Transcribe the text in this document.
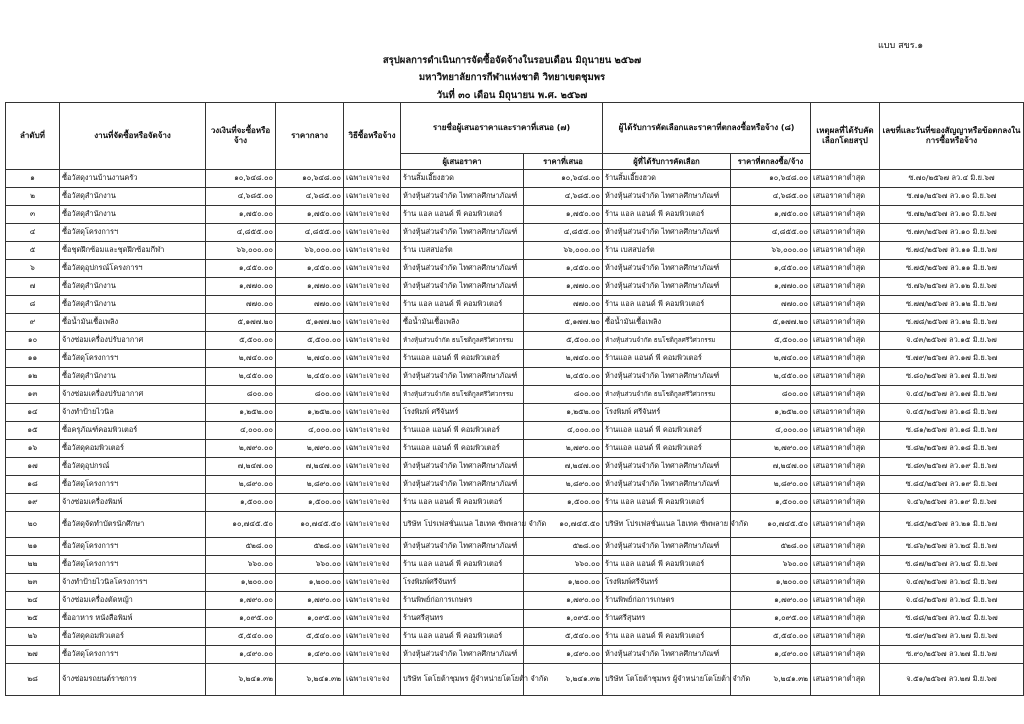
แบบ สขร.๑
สรุปผลการดำเนินการจัดซื้อจัดจ้างในรอบเดือน มิถุนายน ๒๕๖๗
มหาวิทยาลัยการกีฬาแห่งชาติ วิทยาเขตชุมพร
วันที่ ๓๐ เดือน มิถุนายน พ.ศ. ๒๕๖๗
ลำดับที่	งานที่จัดซื้อหรือจัดจ้าง	วงเงินที่จะซื้อหรือจ้าง	ราคากลาง	วิธีซื้อหรือจ้าง	รายชื่อผู้เสนอราคาและราคาที่เสนอ (๗)		ผู้ได้รับการคัดเลือกและราคาที่ตกลงซื้อหรือจ้าง (๘)		เหตุผลที่ได้รับคัดเลือกโดยสรุป	เลขที่และวันที่ของสัญญาหรือข้อตกลงในการซื้อหรือจ้าง
					ผู้เสนอราคา	ราคาที่เสนอ	ผู้ที่ได้รับการคัดเลือก	ราคาที่ตกลงซื้อ/จ้าง		
๑	ซื้อวัสดุงานบ้านงานครัว	๑๐,๖๔๘.๐๐	๑๐,๖๔๘.๐๐	เฉพาะเจาะจง	ร้านสิ้มเอี๊ยงฮวด	๑๐,๖๔๘.๐๐	ร้านสิ้มเอี๊ยงฮวด	๑๐,๖๔๘.๐๐	เสนอราคาต่ำสุด	ซ.๗๐/๒๕๖๗ ลว.๔ มิ.ย.๖๗
๒	ซื้อวัสดุสำนักงาน	๔,๖๘๕.๐๐	๔,๖๘๕.๐๐	เฉพาะเจาะจง	ห้างหุ้นส่วนจำกัด ไทศาลศึกษาภัณฑ์	๔,๖๘๕.๐๐	ห้างหุ้นส่วนจำกัด ไทศาลศึกษาภัณฑ์	๔,๖๘๕.๐๐	เสนอราคาต่ำสุด	ซ.๗๑/๒๕๖๗ ลว.๑๐ มิ.ย.๖๗
๓	ซื้อวัสดุสำนักงาน	๑,๗๕๐.๐๐	๑,๗๕๐.๐๐	เฉพาะเจาะจง	ร้าน แอล แอนด์ พี คอมพิวเตอร์	๑,๗๕๐.๐๐	ร้าน แอล แอนด์ พี คอมพิวเตอร์	๑,๗๕๐.๐๐	เสนอราคาต่ำสุด	ซ.๗๒/๒๕๖๗ ลว.๑๐ มิ.ย.๖๗
๔	ซื้อวัสดุโครงการฯ	๔,๘๕๕.๐๐	๔,๘๕๕.๐๐	เฉพาะเจาะจง	ห้างหุ้นส่วนจำกัด ไทศาลศึกษาภัณฑ์	๔,๘๕๕.๐๐	ห้างหุ้นส่วนจำกัด ไทศาลศึกษาภัณฑ์	๔,๘๕๕.๐๐	เสนอราคาต่ำสุด	ซ.๗๓/๒๕๖๗ ลว.๑๐ มิ.ย.๖๗
๕	ซื้อชุดฝึกซ้อมและชุดฝึกซ้อมกีฬา	๖๖,๐๐๐.๐๐	๖๖,๐๐๐.๐๐	เฉพาะเจาะจง	ร้าน เบสสปอร์ต	๖๖,๐๐๐.๐๐	ร้าน เบสสปอร์ต	๖๖,๐๐๐.๐๐	เสนอราคาต่ำสุด	ซ.๗๔/๒๕๖๗ ลว.๑๑ มิ.ย.๖๗
๖	ซื้อวัสดุอุปกรณ์โครงการฯ	๑,๔๕๐.๐๐	๑,๔๕๐.๐๐	เฉพาะเจาะจง	ห้างหุ้นส่วนจำกัด ไทศาลศึกษาภัณฑ์	๑,๔๕๐.๐๐	ห้างหุ้นส่วนจำกัด ไทศาลศึกษาภัณฑ์	๑,๔๕๐.๐๐	เสนอราคาต่ำสุด	ซ.๗๕/๒๕๖๗ ลว.๑๑ มิ.ย.๖๗
๗	ซื้อวัสดุสำนักงาน	๑,๗๗๐.๐๐	๑,๗๗๐.๐๐	เฉพาะเจาะจง	ห้างหุ้นส่วนจำกัด ไทศาลศึกษาภัณฑ์	๑,๗๗๐.๐๐	ห้างหุ้นส่วนจำกัด ไทศาลศึกษาภัณฑ์	๑,๗๗๐.๐๐	เสนอราคาต่ำสุด	ซ.๗๖/๒๕๖๗ ลว.๑๒ มิ.ย.๖๗
๘	ซื้อวัสดุสำนักงาน	๗๗๐.๐๐	๗๗๐.๐๐	เฉพาะเจาะจง	ร้าน แอล แอนด์ พี คอมพิวเตอร์	๗๗๐.๐๐	ร้าน แอล แอนด์ พี คอมพิวเตอร์	๗๗๐.๐๐	เสนอราคาต่ำสุด	ซ.๗๗/๒๕๖๗ ลว.๑๒ มิ.ย.๖๗
๙	ซื้อน้ำมันเชื้อเพลิง	๕,๑๗๗.๒๐	๕,๑๗๗.๒๐	เฉพาะเจาะจง	ซื้อน้ำมันเชื้อเพลิง	๕,๑๗๗.๒๐	ซื้อน้ำมันเชื้อเพลิง	๕,๑๗๗.๒๐	เสนอราคาต่ำสุด	ซ.๗๘/๒๕๖๗ ลว.๑๒ มิ.ย.๖๗
๑๐	จ้างซ่อมเครื่องปรับอากาศ	๕,๕๐๐.๐๐	๕,๕๐๐.๐๐	เฉพาะเจาะจง	ห้างหุ้นส่วนจำกัด ธนโชติกูลศรีวิศวกรรม	๕,๕๐๐.๐๐	ห้างหุ้นส่วนจำกัด ธนโชติกูลศรีวิศวกรรม	๕,๕๐๐.๐๐	เสนอราคาต่ำสุด	จ.๔๓/๒๕๖๗ ลว.๑๕ มิ.ย.๖๗
๑๑	ซื้อวัสดุโครงการฯ	๒,๗๔๐.๐๐	๒,๗๔๐.๐๐	เฉพาะเจาะจง	ร้านแอล แอนด์ พี คอมพิวเตอร์	๒,๗๔๐.๐๐	ร้านแอล แอนด์ พี คอมพิวเตอร์	๒,๗๔๐.๐๐	เสนอราคาต่ำสุด	ซ.๗๙/๒๕๖๗ ลว.๑๗ มิ.ย.๖๗
๑๒	ซื้อวัสดุสำนักงาน	๒,๔๕๐.๐๐	๒,๔๕๐.๐๐	เฉพาะเจาะจง	ห้างหุ้นส่วนจำกัด ไทศาลศึกษาภัณฑ์	๒,๔๕๐.๐๐	ห้างหุ้นส่วนจำกัด ไทศาลศึกษาภัณฑ์	๒,๔๕๐.๐๐	เสนอราคาต่ำสุด	ซ.๘๐/๒๕๖๗ ลว.๑๗ มิ.ย.๖๗
๑๓	จ้างซ่อมเครื่องปรับอากาศ	๘๐๐.๐๐	๘๐๐.๐๐	เฉพาะเจาะจง	ห้างหุ้นส่วนจำกัด ธนโชติกูลศรีวิศวกรรม	๘๐๐.๐๐	ห้างหุ้นส่วนจำกัด ธนโชติกูลศรีวิศวกรรม	๘๐๐.๐๐	เสนอราคาต่ำสุด	จ.๔๔/๒๕๖๗ ลว.๑๗ มิ.ย.๖๗
๑๔	จ้างทำป้ายไวนิล	๑,๒๕๒.๐๐	๑,๒๕๒.๐๐	เฉพาะเจาะจง	โรงพิมพ์ ศรีจันทร์	๑,๒๕๒.๐๐	โรงพิมพ์ ศรีจันทร์	๑,๒๕๒.๐๐	เสนอราคาต่ำสุด	จ.๔๕/๒๕๖๗ ลว.๑๘ มิ.ย.๖๗
๑๕	ซื้อครุภัณฑ์คอมพิวเตอร์	๔,๐๐๐.๐๐	๔,๐๐๐.๐๐	เฉพาะเจาะจง	ร้านแอล แอนด์ พี คอมพิวเตอร์	๔,๐๐๐.๐๐	ร้านแอล แอนด์ พี คอมพิวเตอร์	๔,๐๐๐.๐๐	เสนอราคาต่ำสุด	ซ.๘๑/๒๕๖๗ ลว.๑๘ มิ.ย.๖๗
๑๖	ซื้อวัสดุคอมพิวเตอร์	๒,๗๙๐.๐๐	๒,๗๙๐.๐๐	เฉพาะเจาะจง	ร้านแอล แอนด์ พี คอมพิวเตอร์	๒,๗๙๐.๐๐	ร้านแอล แอนด์ พี คอมพิวเตอร์	๒,๗๙๐.๐๐	เสนอราคาต่ำสุด	ซ.๘๒/๒๕๖๗ ลว.๑๘ มิ.ย.๖๗
๑๗	ซื้อวัสดุอุปกรณ์	๗,๒๔๗.๐๐	๗,๒๔๗.๐๐	เฉพาะเจาะจง	ห้างหุ้นส่วนจำกัด ไทศาลศึกษาภัณฑ์	๗,๒๔๗.๐๐	ห้างหุ้นส่วนจำกัด ไทศาลศึกษาภัณฑ์	๗,๒๔๗.๐๐	เสนอราคาต่ำสุด	ซ.๘๓/๒๕๖๗ ลว.๑๙ มิ.ย.๖๗
๑๘	ซื้อวัสดุโครงการฯ	๒,๘๙๐.๐๐	๒,๘๙๐.๐๐	เฉพาะเจาะจง	ห้างหุ้นส่วนจำกัด ไทศาลศึกษาภัณฑ์	๒,๘๙๐.๐๐	ห้างหุ้นส่วนจำกัด ไทศาลศึกษาภัณฑ์	๒,๘๙๐.๐๐	เสนอราคาต่ำสุด	ซ.๘๔/๒๕๖๗ ลว.๑๙ มิ.ย.๖๗
๑๙	จ้างซ่อมเครื่องพิมพ์	๑,๕๐๐.๐๐	๑,๕๐๐.๐๐	เฉพาะเจาะจง	ร้าน แอล แอนด์ พี คอมพิวเตอร์	๑,๕๐๐.๐๐	ร้าน แอล แอนด์ พี คอมพิวเตอร์	๑,๕๐๐.๐๐	เสนอราคาต่ำสุด	จ.๔๖/๒๕๖๗ ลว.๑๙ มิ.ย.๖๗
๒๐	ซื้อวัสดุจัดทำบัตรนักศึกษา	๑๐,๗๔๕.๕๐	๑๐,๗๔๕.๕๐	เฉพาะเจาะจง	บริษัท โปรเฟสชั่นแนล ไฮเทค ซัพพลาย จำกัด	๑๐,๗๔๕.๕๐	บริษัท โปรเฟสชั่นแนล ไฮเทค ซัพพลาย จำกัด	๑๐,๗๔๕.๕๐	เสนอราคาต่ำสุด	ซ.๘๕/๒๕๖๗ ลว.๒๑ มิ.ย.๖๗
๒๑	ซื้อวัสดุโครงการฯ	๕๒๘.๐๐	๕๒๘.๐๐	เฉพาะเจาะจง	ห้างหุ้นส่วนจำกัด ไทศาลศึกษาภัณฑ์	๕๒๘.๐๐	ห้างหุ้นส่วนจำกัด ไทศาลศึกษาภัณฑ์	๕๒๘.๐๐	เสนอราคาต่ำสุด	ซ.๘๖/๒๕๖๗ ลว.๒๔ มิ.ย.๖๗
๒๒	ซื้อวัสดุโครงการฯ	๖๖๐.๐๐	๖๖๐.๐๐	เฉพาะเจาะจง	ร้าน แอล แอนด์ พี คอมพิวเตอร์	๖๖๐.๐๐	ร้าน แอล แอนด์ พี คอมพิวเตอร์	๖๖๐.๐๐	เสนอราคาต่ำสุด	ซ.๘๗/๒๕๖๗ ลว.๒๔ มิ.ย.๖๗
๒๓	จ้างทำป้ายไวนิลโครงการฯ	๑,๒๐๐.๐๐	๑,๒๐๐.๐๐	เฉพาะเจาะจง	โรงพิมพ์ศรีจันทร์	๑,๒๐๐.๐๐	โรงพิมพ์ศรีจันทร์	๑,๒๐๐.๐๐	เสนอราคาต่ำสุด	จ.๔๗/๒๕๖๗ ลว.๒๔ มิ.ย.๖๗
๒๔	จ้างซ่อมเครื่องตัดหญ้า	๑,๗๙๐.๐๐	๑,๗๙๐.๐๐	เฉพาะเจาะจง	ร้านพิพย์ก่อการเกษตร	๑,๗๙๐.๐๐	ร้านพิพย์ก่อการเกษตร	๑,๗๙๐.๐๐	เสนอราคาต่ำสุด	จ.๔๘/๒๕๖๗ ลว.๒๔ มิ.ย.๖๗
๒๕	ซื้ออาหาร หนังสือพิมพ์	๑,๐๙๕.๐๐	๑,๐๙๕.๐๐	เฉพาะเจาะจง	ร้านศรีสุนทร	๑,๐๙๕.๐๐	ร้านศรีสุนทร	๑,๐๙๕.๐๐	เสนอราคาต่ำสุด	ซ.๘๘/๒๕๖๗ ลว.๒๔ มิ.ย.๖๗
๒๖	ซื้อวัสดุคอมพิวเตอร์	๕,๕๔๐.๐๐	๕,๕๔๐.๐๐	เฉพาะเจาะจง	ร้าน แอล แอนด์ พี คอมพิวเตอร์	๕,๕๔๐.๐๐	ร้าน แอล แอนด์ พี คอมพิวเตอร์	๕,๕๔๐.๐๐	เสนอราคาต่ำสุด	ซ.๘๙/๒๕๖๗ ลว.๒๗ มิ.ย.๖๗
๒๗	ซื้อวัสดุโครงการฯ	๑,๔๙๐.๐๐	๑,๔๙๐.๐๐	เฉพาะเจาะจง	ห้างหุ้นส่วนจำกัด ไทศาลศึกษาภัณฑ์	๑,๔๙๐.๐๐	ห้างหุ้นส่วนจำกัด ไทศาลศึกษาภัณฑ์	๑,๔๙๐.๐๐	เสนอราคาต่ำสุด	ซ.๙๐/๒๕๖๗ ลว.๒๗ มิ.ย.๖๗
๒๘	จ้างซ่อมรถยนต์ราชการ	๖,๒๔๑.๓๒	๖,๒๔๑.๓๒	เฉพาะเจาะจง	บริษัท โตโยต้าชุมพร ผู้จำหน่ายโตโยต้า จำกัด	๖,๒๔๑.๓๒	บริษัท โตโยต้าชุมพร ผู้จำหน่ายโตโยต้า จำกัด	๖,๒๔๑.๓๒	เสนอราคาต่ำสุด	จ.๕๑/๒๕๖๗ ลว.๒๗ มิ.ย.๖๗
